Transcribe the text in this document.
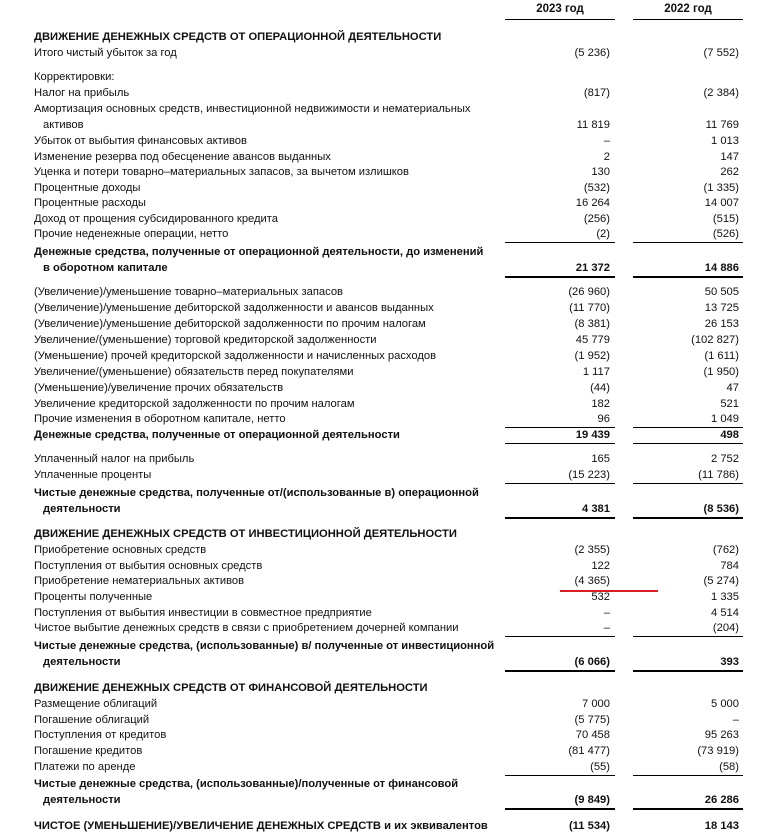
2023 год	2022 год
ДВИЖЕНИЕ ДЕНЕЖНЫХ СРЕДСТВ ОТ ОПЕРАЦИОННОЙ ДЕЯТЕЛЬНОСТИ
Итого чистый убыток за год	(5 236)	(7 552)
Корректировки:
Налог на прибыль	(817)	(2 384)
Амортизация основных средств, инвестиционной недвижимости и нематериальных
активов	11 819	11 769
Убыток от выбытия финансовых активов	–	1 013
Изменение резерва под обесценение авансов выданных	2	147
Уценка и потери товарно–материальных запасов, за вычетом излишков	130	262
Процентные доходы	(532)	(1 335)
Процентные расходы	16 264	14 007
Доход от прощения субсидированного кредита	(256)	(515)
Прочие неденежные операции, нетто	(2)	(526)
Денежные средства, полученные от операционной деятельности, до изменений
в оборотном капитале	21 372	14 886
(Увеличение)/уменьшение товарно–материальных запасов	(26 960)	50 505
(Увеличение)/уменьшение дебиторской задолженности и авансов выданных	(11 770)	13 725
(Увеличение)/уменьшение дебиторской задолженности по прочим налогам	(8 381)	26 153
Увеличение/(уменьшение) торговой кредиторской задолженности	45 779	(102 827)
(Уменьшение) прочей кредиторской задолженности и начисленных расходов	(1 952)	(1 611)
Увеличение/(уменьшение) обязательств перед покупателями	1 117	(1 950)
(Уменьшение)/увеличение прочих обязательств	(44)	47
Увеличение кредиторской задолженности по прочим налогам	182	521
Прочие изменения в оборотном капитале, нетто	96	1 049
Денежные средства, полученные от операционной деятельности	19 439	498
Уплаченный налог на прибыль	165	2 752
Уплаченные проценты	(15 223)	(11 786)
Чистые денежные средства, полученные от/(использованные в) операционной
деятельности	4 381	(8 536)
ДВИЖЕНИЕ ДЕНЕЖНЫХ СРЕДСТВ ОТ ИНВЕСТИЦИОННОЙ ДЕЯТЕЛЬНОСТИ
Приобретение основных средств	(2 355)	(762)
Поступления от выбытия основных средств	122	784
Приобретение нематериальных активов	(4 365)	(5 274)
Проценты полученные	532	1 335
Поступления от выбытия инвестиции в совместное предприятие	–	4 514
Чистое выбытие денежных средств в связи с приобретением дочерней компании	–	(204)
Чистые денежные средства, (использованные) в/ полученные от инвестиционной
деятельности	(6 066)	393
ДВИЖЕНИЕ ДЕНЕЖНЫХ СРЕДСТВ ОТ ФИНАНСОВОЙ ДЕЯТЕЛЬНОСТИ
Размещение облигаций	7 000	5 000
Погашение облигаций	(5 775)	–
Поступления от кредитов	70 458	95 263
Погашение кредитов	(81 477)	(73 919)
Платежи по аренде	(55)	(58)
Чистые денежные средства, (использованные)/полученные от финансовой
деятельности	(9 849)	26 286
ЧИСТОЕ (УМЕНЬШЕНИЕ)/УВЕЛИЧЕНИЕ ДЕНЕЖНЫХ СРЕДСТВ и их эквивалентов	(11 534)	18 143
